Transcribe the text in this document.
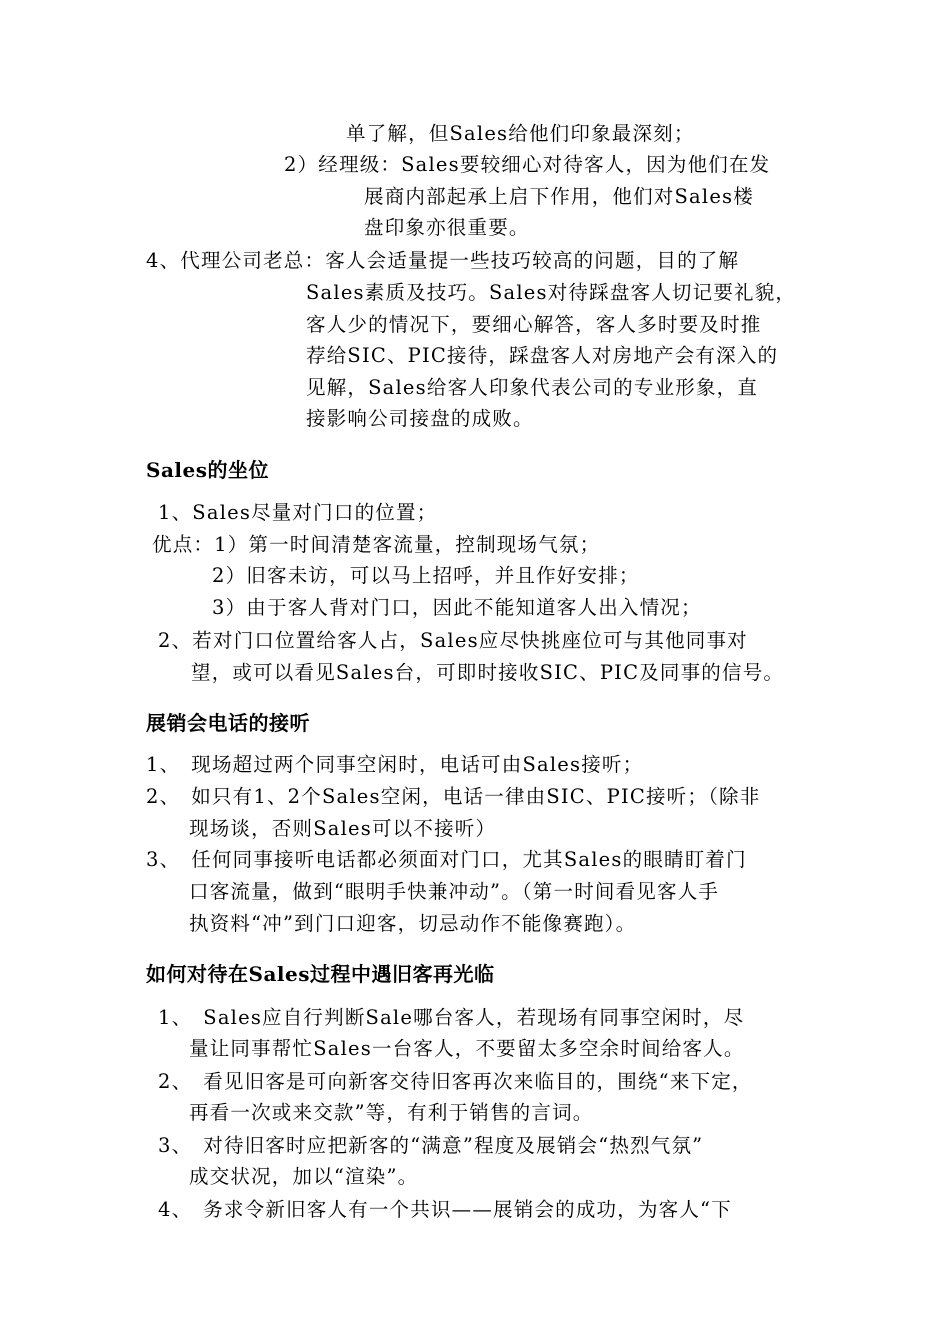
单了解，但Sales给他们印象最深刻；
2）经理级：Sales要较细心对待客人，因为他们在发
展商内部起承上启下作用，他们对Sales楼
盘印象亦很重要。
4、代理公司老总：客人会适量提一些技巧较高的问题，目的了解
Sales素质及技巧。Sales对待踩盘客人切记要礼貌，
客人少的情况下，要细心解答，客人多时要及时推
荐给SIC、PIC接待，踩盘客人对房地产会有深入的
见解，Sales给客人印象代表公司的专业形象，直
接影响公司接盘的成败。
Sales的坐位
1、Sales尽量对门口的位置；
优点：1）第一时间清楚客流量，控制现场气氛；
2）旧客未访，可以马上招呼，并且作好安排；
3）由于客人背对门口，因此不能知道客人出入情况；
2、若对门口位置给客人占，Sales应尽快挑座位可与其他同事对
望，或可以看见Sales台，可即时接收SIC、PIC及同事的信号。
展销会电话的接听
1、　现场超过两个同事空闲时，电话可由Sales接听；
2、　如只有1、2个Sales空闲，电话一律由SIC、PIC接听；（除非
现场谈，否则Sales可以不接听）
3、　任何同事接听电话都必须面对门口，尤其Sales的眼睛盯着门
口客流量，做到“眼明手快兼冲动”。（第一时间看见客人手
执资料“冲”到门口迎客，切忌动作不能像赛跑）。
如何对待在Sales过程中遇旧客再光临
1、　Sales应自行判断Sale哪台客人，若现场有同事空闲时，尽
量让同事帮忙Sales一台客人，不要留太多空余时间给客人。
2、　看见旧客是可向新客交待旧客再次来临目的，围绕“来下定，
再看一次或来交款”等，有利于销售的言词。
3、　对待旧客时应把新客的“满意”程度及展销会“热烈气氛”
成交状况，加以“渲染”。
4、　务求令新旧客人有一个共识——展销会的成功，为客人“下
